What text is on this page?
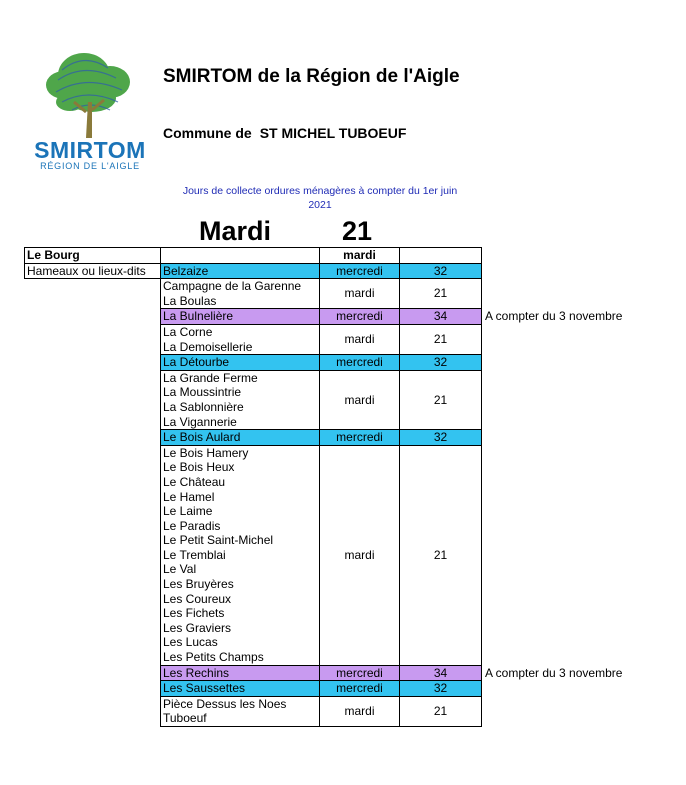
SMIRTOM
RÉGION DE L'AIGLE
SMIRTOM de la Région de l'Aigle
Commune de ST MICHEL TUBOEUF
Jours de collecte ordures ménagères à compter du 1er juin 2021
Mardi	21
Le Bourg		mardi		
Hameaux ou lieux-dits	Belzaize	mercredi	32	
	Campagne de la Garenne	mardi	21	
	La Boulas			
	La Bulnelière	mercredi	34	A compter du 3 novembre
	La Corne	mardi	21	
	La Demoisellerie			
	La Détourbe	mercredi	32	
	La Grande Ferme	mardi	21	
	La Moussintrie			
	La Sablonnière			
	La Vigannerie			
	Le Bois Aulard	mercredi	32	
	Le Bois Hamery	mardi	21	
	Le Bois Heux			
	Le Château			
	Le Hamel			
	Le Laime			
	Le Paradis			
	Le Petit Saint-Michel			
	Le Tremblai			
	Le Val			
	Les Bruyères			
	Les Coureux			
	Les Fichets			
	Les Graviers			
	Les Lucas			
	Les Petits Champs			
	Les Rechins	mercredi	34	A compter du 3 novembre
	Les Saussettes	mercredi	32	
	Pièce Dessus les Noes	mardi	21	
	Tuboeuf			
